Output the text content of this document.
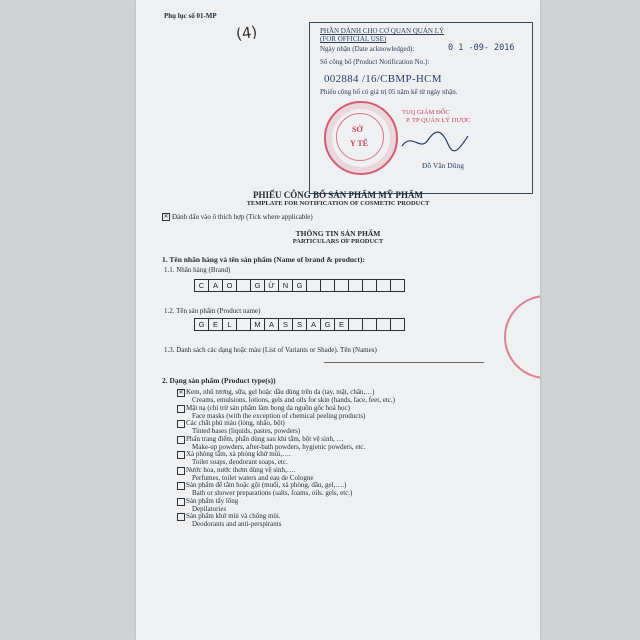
Phụ lục số 01-MP
(4)	PHẦN DÀNH CHO CƠ QUAN QUẢN LÝ
(FOR OFFICIAL USE)
Ngày nhận (Date acknowledged):	0 1 -09- 2016
Số công bố (Product Notification No.):
002884 /16/CBMP-HCM
Phiếu công bố có giá trị 05 năm kể từ ngày nhận.
SỞ
Y TẾ
TUQ GIÁM ĐỐC
P. TP QUẢN LÝ DƯỢC
Đỗ Văn Dũng
PHIẾU CÔNG BỐ SẢN PHẨM MỸ PHẨM
TEMPLATE FOR NOTIFICATION OF COSMETIC PRODUCT
✕ Đánh dấu vào ô thích hợp (Tick where applicable)
THÔNG TIN SẢN PHẨM
PARTICULARS OF PRODUCT
1. Tên nhãn hàng và tên sản phẩm (Name of brand & product):
1.1. Nhãn hàng (Brand)
C	A	O	G	Ừ	N	G
1.2. Tên sản phẩm (Product name)
G	E	L	M	A	S	S	A	G	E
1.3. Danh sách các dạng hoặc màu (List of Variants or Shade). Tên (Names)
2. Dạng sản phẩm (Product type(s))
✕ Kem, nhũ tương, sữa, gel hoặc dầu dùng trên da (tay, mặt, chân,…)
Creams, emulsions, lotions, gels and oils for skin (hands, face, feet, etc.)
Mặt nạ (chỉ trừ sản phẩm làm bong da nguồn gốc hoá học)
Face masks (with the exception of chemical peeling products)
Các chất phủ màu (lỏng, nhão, bột)
Tinted bases (liquids, pastes, powders)
Phấn trang điểm, phấn dùng sau khi tắm, bột vệ sinh, …
Make-up powders, after-bath powders, hygienic powders, etc.
Xà phòng tắm, xà phòng khử mùi,….
Toilet soaps, deodorant soaps, etc.
Nước hoa, nước thơm dùng vệ sinh,….
Perfumes, toilet waters and eau de Cologne
Sản phẩm để tắm hoặc gội (muối, xà phòng, dầu, gel,….)
Bath or shower preparations (salts, foams, oils. gels, etc.)
Sản phẩm tẩy lông
Depilatories
Sản phẩm khử mùi và chống mùi.
Deodorants and anti-perspirants
